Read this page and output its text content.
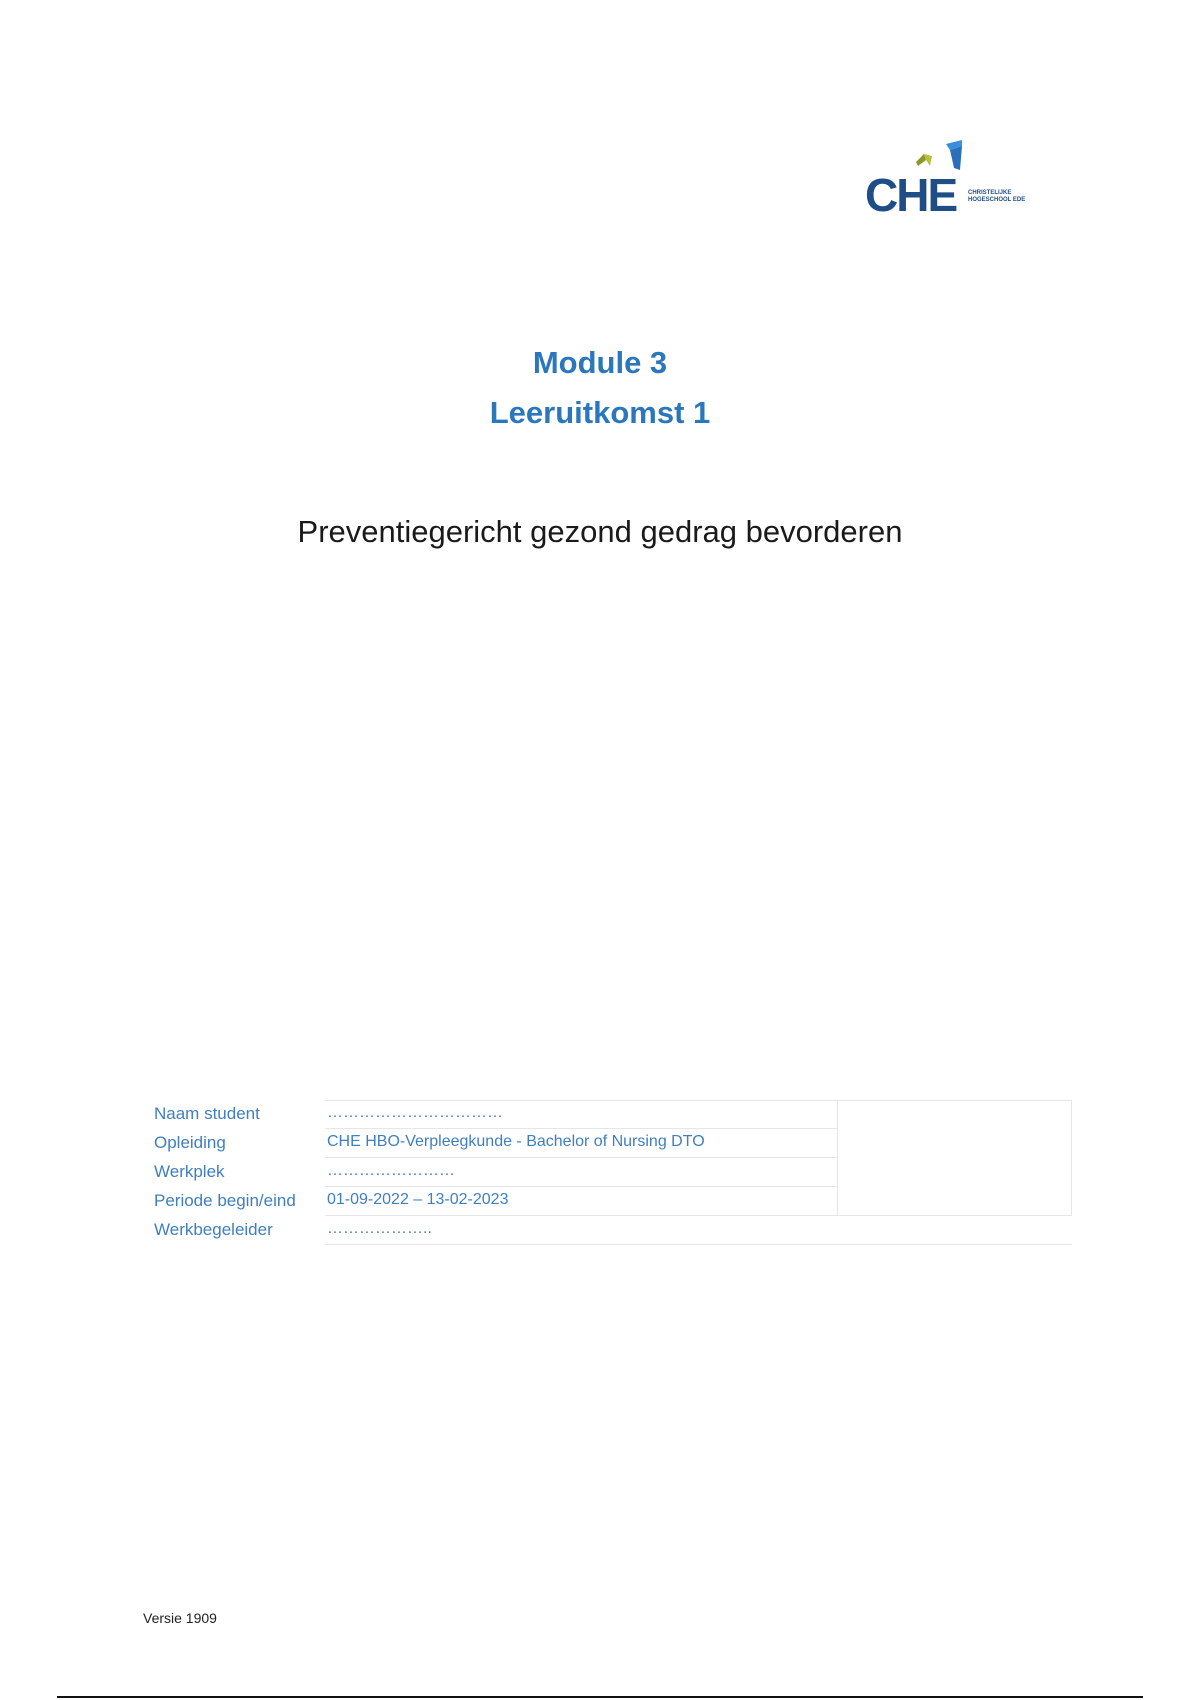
CHE CHRISTELIJKE HOGESCHOOL EDE
Module 3
Leeruitkomst 1
Preventiegericht gezond gedrag bevorderen
Naam student	……………………………
Opleiding	CHE HBO-Verpleegkunde - Bachelor of Nursing DTO
Werkplek	……………………
Periode begin/eind 01-09-2022 – 13-02-2023
Werkbegeleider	………………..
Versie 1909
